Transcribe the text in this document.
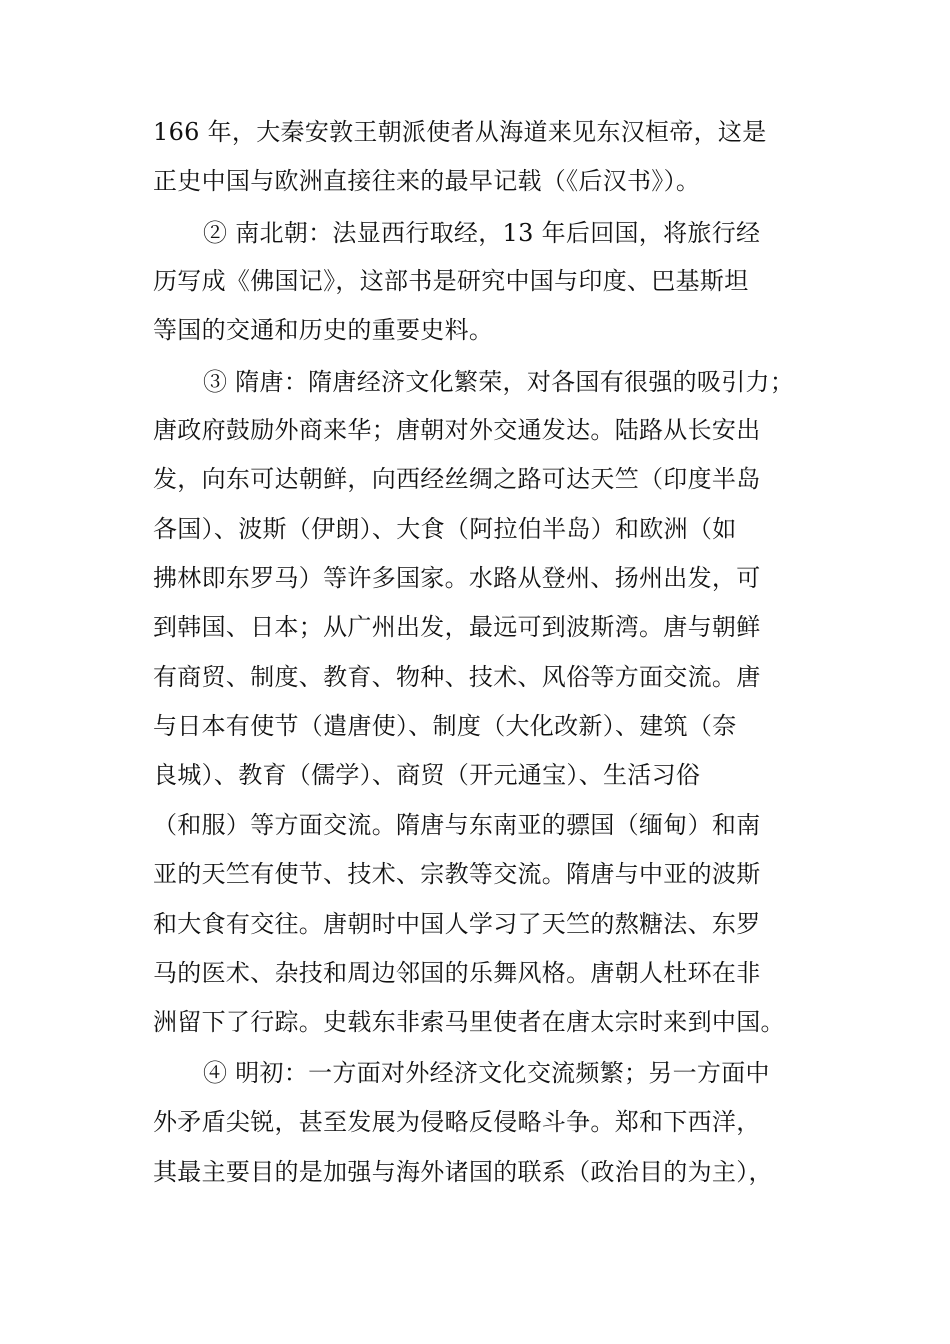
166 年，大秦安敦王朝派使者从海道来见东汉桓帝，这是
正史中国与欧洲直接往来的最早记载（《后汉书》）。
② 南北朝：法显西行取经，13 年后回国，将旅行经
历写成《佛国记》，这部书是研究中国与印度、巴基斯坦
等国的交通和历史的重要史料。
③ 隋唐：隋唐经济文化繁荣，对各国有很强的吸引力；
唐政府鼓励外商来华；唐朝对外交通发达。陆路从长安出
发，向东可达朝鲜，向西经丝绸之路可达天竺（印度半岛
各国）、波斯（伊朗）、大食（阿拉伯半岛）和欧洲（如
拂林即东罗马）等许多国家。水路从登州、扬州出发，可
到韩国、日本；从广州出发，最远可到波斯湾。唐与朝鲜
有商贸、制度、教育、物种、技术、风俗等方面交流。唐
与日本有使节（遣唐使）、制度（大化改新）、建筑（奈
良城）、教育（儒学）、商贸（开元通宝）、生活习俗
（和服）等方面交流。隋唐与东南亚的骠国（缅甸）和南
亚的天竺有使节、技术、宗教等交流。隋唐与中亚的波斯
和大食有交往。唐朝时中国人学习了天竺的熬糖法、东罗
马的医术、杂技和周边邻国的乐舞风格。唐朝人杜环在非
洲留下了行踪。史载东非索马里使者在唐太宗时来到中国。
④ 明初：一方面对外经济文化交流频繁；另一方面中
外矛盾尖锐，甚至发展为侵略反侵略斗争。郑和下西洋，
其最主要目的是加强与海外诸国的联系（政治目的为主），
